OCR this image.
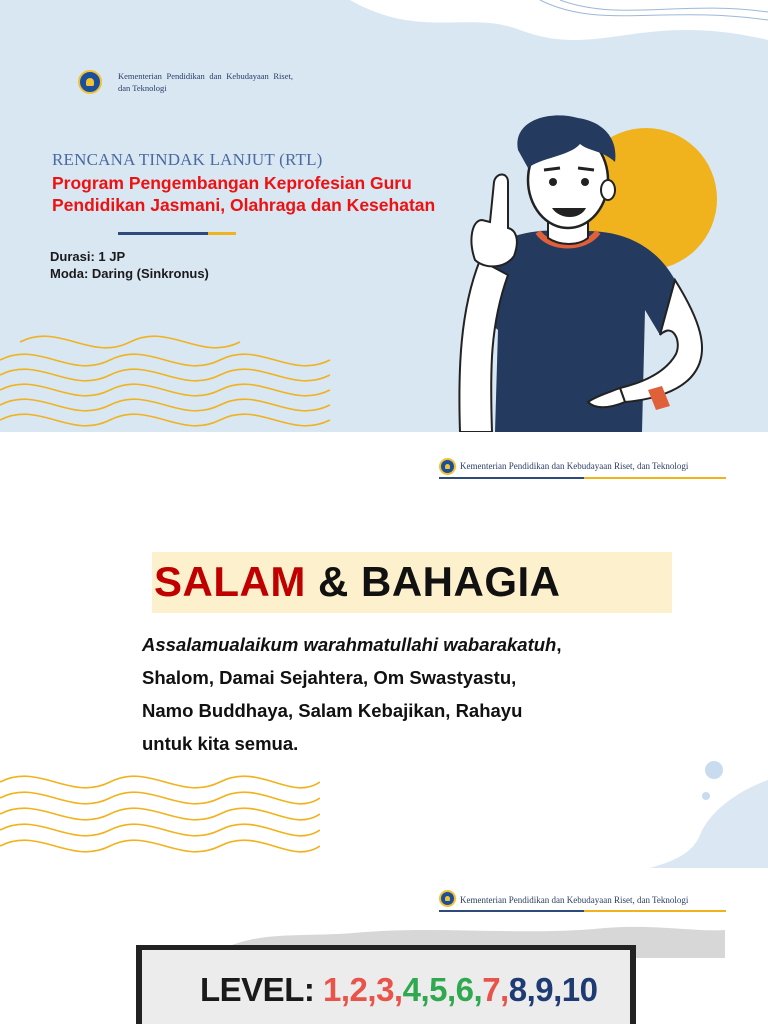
Kementerian Pendidikan dan Kebudayaan Riset, dan Teknologi
RENCANA TINDAK LANJUT (RTL)
Program Pengembangan Keprofesian Guru
Pendidikan Jasmani, Olahraga dan Kesehatan
Durasi: 1 JP
Moda: Daring (Sinkronus)
Kementerian Pendidikan dan Kebudayaan Riset, dan Teknologi
SALAM & BAHAGIA
Assalamualaikum warahmatullahi wabarakatuh,
Shalom, Damai Sejahtera, Om Swastyastu,
Namo Buddhaya, Salam Kebajikan, Rahayu
untuk kita semua.
Kementerian Pendidikan dan Kebudayaan Riset, dan Teknologi
LEVEL: 1,2,3,4,5,6,7,8,9,10
